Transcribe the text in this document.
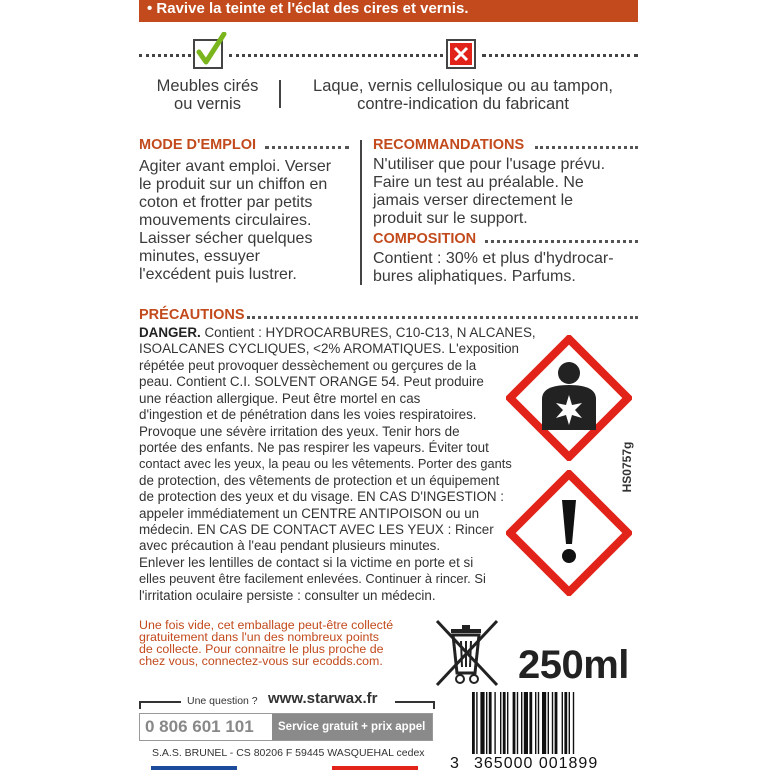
• Ravive la teinte et l'éclat des cires et vernis.
Meubles cirés
ou vernis
Laque, vernis cellulosique ou au tampon,
contre-indication du fabricant
MODE D'EMPLOI
Agiter avant emploi. Verser
le produit sur un chiffon en
coton et frotter par petits
mouvements circulaires.
Laisser sécher quelques
minutes, essuyer
l'excédent puis lustrer.
RECOMMANDATIONS
N'utiliser que pour l'usage prévu.
Faire un test au préalable. Ne
jamais verser directement le
produit sur le support.
COMPOSITION
Contient : 30% et plus d'hydrocar-
bures aliphatiques. Parfums.
PRÉCAUTIONS
DANGER. Contient : HYDROCARBURES, C10-C13, N ALCANES,
ISOALCANES CYCLIQUES, <2% AROMATIQUES. L'exposition
répétée peut provoquer dessèchement ou gerçures de la
peau. Contient C.I. SOLVENT ORANGE 54. Peut produire
une réaction allergique. Peut être mortel en cas
d'ingestion et de pénétration dans les voies respiratoires.
Provoque une sévère irritation des yeux. Tenir hors de
portée des enfants. Ne pas respirer les vapeurs. Éviter tout
contact avec les yeux, la peau ou les vêtements. Porter des gants
de protection, des vêtements de protection et un équipement
de protection des yeux et du visage. EN CAS D'INGESTION :
appeler immédiatement un CENTRE ANTIPOISON ou un
médecin. EN CAS DE CONTACT AVEC LES YEUX : Rincer
avec précaution à l'eau pendant plusieurs minutes.
Enlever les lentilles de contact si la victime en porte et si
elles peuvent être facilement enlevées. Continuer à rincer. Si
l'irritation oculaire persiste : consulter un médecin.
HS0757g
Une fois vide, cet emballage peut-être collecté
gratuitement dans l'un des nombreux points
de collecte. Pour connaitre le plus proche de
chez vous, connectez-vous sur ecodds.com.	250ml
Une question ? www.starwax.fr
0 806 601 101	Service gratuit + prix appel
S.A.S. BRUNEL - CS 80206 F 59445 WASQUEHAL cedex
3 365000 001899
